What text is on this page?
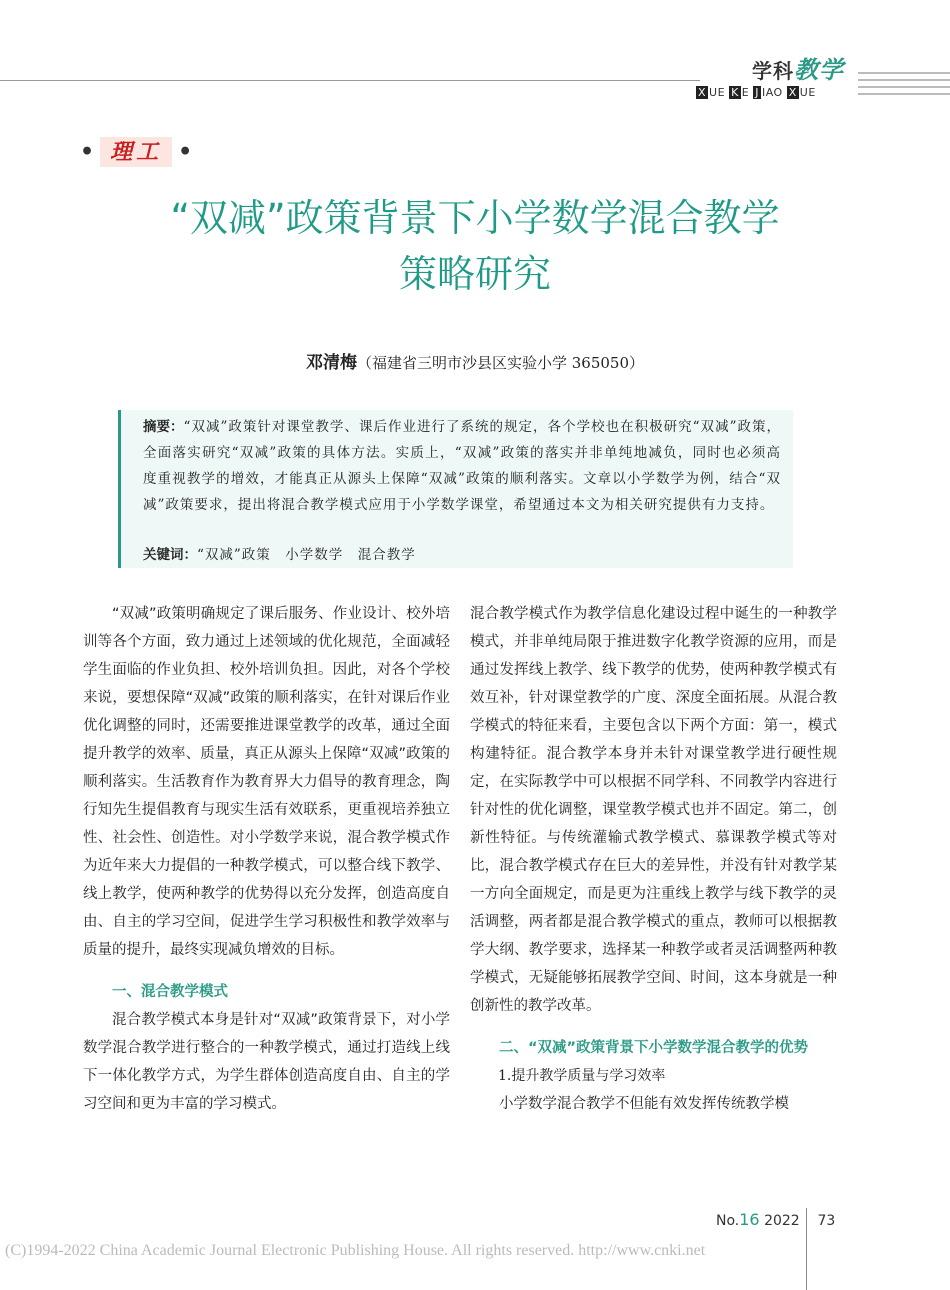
学科教学
X UE K E J IAO X UE
• 理工 •
“双减”政策背景下小学数学混合教学
策略研究
邓清梅（福建省三明市沙县区实验小学 365050）
摘要：“双减”政策针对课堂教学、课后作业进行了系统的规定，各个学校也在积极研究“双减”政策，全面落实研究“双减”政策的具体方法。实质上，“双减”政策的落实并非单纯地减负，同时也必须高度重视教学的增效，才能真正从源头上保障“双减”政策的顺利落实。文章以小学数学为例，结合“双减”政策要求，提出将混合教学模式应用于小学数学课堂，希望通过本文为相关研究提供有力支持。
关键词：“双减”政策　小学数学　混合教学

“双减”政策明确规定了课后服务、作业设计、校外培训等各个方面，致力通过上述领域的优化规范，全面减轻学生面临的作业负担、校外培训负担。因此，对各个学校来说，要想保障“双减”政策的顺利落实，在针对课后作业优化调整的同时，还需要推进课堂教学的改革，通过全面提升教学的效率、质量，真正从源头上保障“双减”政策的顺利落实。生活教育作为教育界大力倡导的教育理念，陶行知先生提倡教育与现实生活有效联系，更重视培养独立性、社会性、创造性。对小学数学来说，混合教学模式作为近年来大力提倡的一种教学模式，可以整合线下教学、线上教学，使两种教学的优势得以充分发挥，创造高度自由、自主的学习空间，促进学生学习积极性和教学效率与质量的提升，最终实现减负增效的目标。

一、混合教学模式

混合教学模式本身是针对“双减”政策背景下，对小学数学混合教学进行整合的一种教学模式，通过打造线上线下一体化教学方式，为学生群体创造高度自由、自主的学习空间和更为丰富的学习模式。

混合教学模式作为教学信息化建设过程中诞生的一种教学模式，并非单纯局限于推进数字化教学资源的应用，而是通过发挥线上教学、线下教学的优势，使两种教学模式有效互补，针对课堂教学的广度、深度全面拓展。从混合教学模式的特征来看，主要包含以下两个方面：第一，模式构建特征。混合教学本身并未针对课堂教学进行硬性规定，在实际教学中可以根据不同学科、不同教学内容进行针对性的优化调整，课堂教学模式也并不固定。第二，创新性特征。与传统灌输式教学模式、慕课教学模式等对比，混合教学模式存在巨大的差异性，并没有针对教学某一方向全面规定，而是更为注重线上教学与线下教学的灵活调整，两者都是混合教学模式的重点，教师可以根据教学大纲、教学要求，选择某一种教学或者灵活调整两种教学模式，无疑能够拓展教学空间、时间，这本身就是一种创新性的教学改革。

二、“双减”政策背景下小学数学混合教学的优势
1.提升教学质量与学习效率

小学数学混合教学不但能有效发挥传统教学模

No.16 2022 73
(C)1994-2022 China Academic Journal Electronic Publishing House. All rights reserved. http://www.cnki.net
